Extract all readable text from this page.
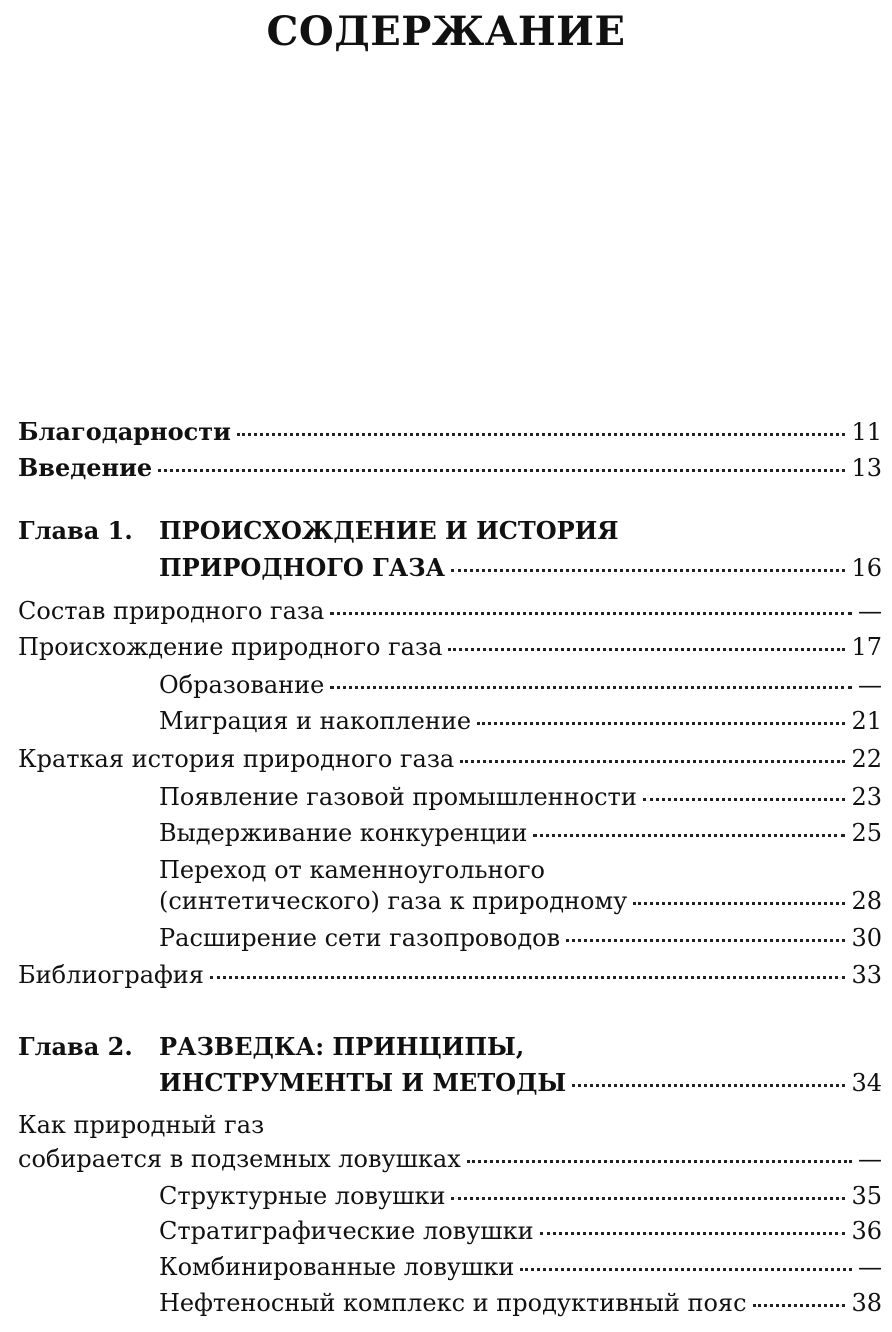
СОДЕРЖАНИЕ
Благодарности	11
Введение	13
Глава 1. ПРОИСХОЖДЕНИЕ И ИСТОРИЯ
ПРИРОДНОГО ГАЗА	16
Состав природного газа	—
Происхождение природного газа	17
Образование	—
Миграция и накопление	21
Краткая история природного газа	22
Появление газовой промышленности	23
Выдерживание конкуренции	25
Переход от каменноугольного
(синтетического) газа к природному	28
Расширение сети газопроводов	30
Библиография	33
Глава 2. РАЗВЕДКА: ПРИНЦИПЫ,
ИНСТРУМЕНТЫ И МЕТОДЫ	34
Как природный газ
собирается в подземных ловушках	—
Структурные ловушки	35
Стратиграфические ловушки	36
Комбинированные ловушки	—
Нефтеносный комплекс и продуктивный пояс	38
